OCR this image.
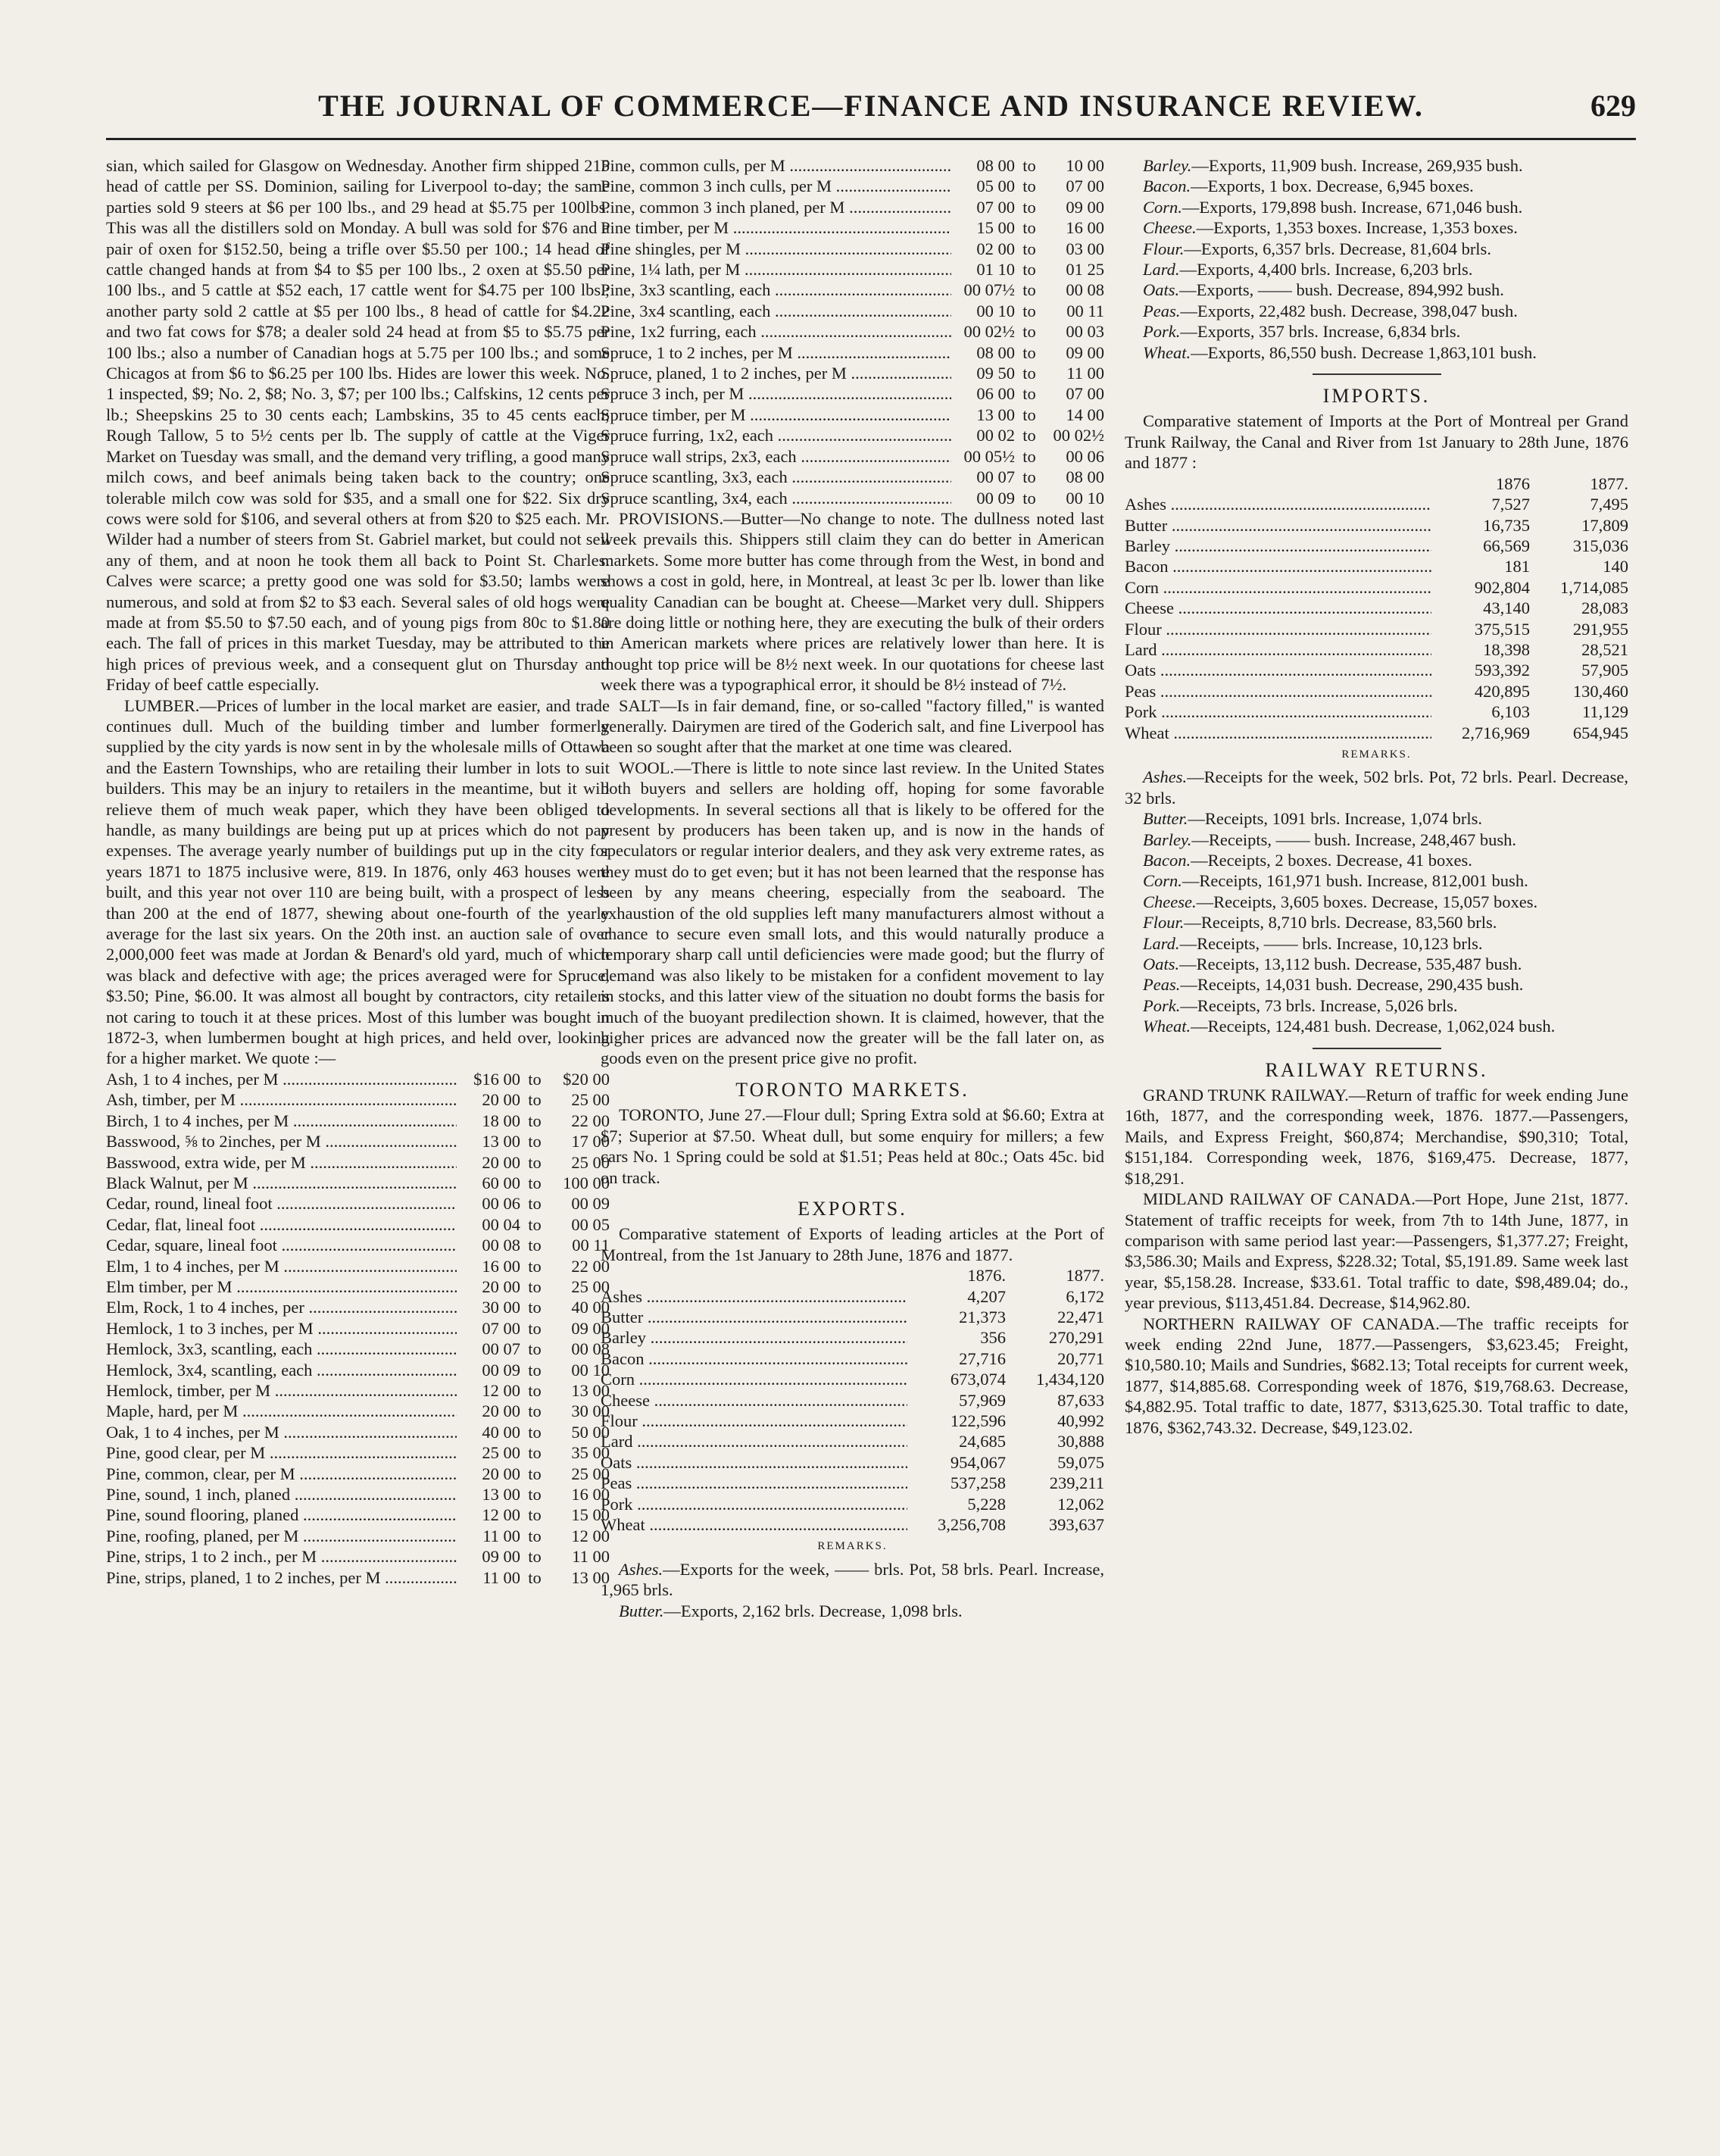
THE JOURNAL OF COMMERCE—FINANCE AND INSURANCE REVIEW.	629

sian, which sailed for Glasgow on Wednesday. Another firm shipped 215 head of cattle per SS. Dominion, sailing for Liverpool to-day; the same parties sold 9 steers at $6 per 100 lbs., and 29 head at $5.75 per 100lbs. This was all the distillers sold on Monday. A bull was sold for $76 and a pair of oxen for $152.50, being a trifle over $5.50 per 100.; 14 head of cattle changed hands at from $4 to $5 per 100 lbs., 2 oxen at $5.50 per 100 lbs., and 5 cattle at $52 each, 17 cattle went for $4.75 per 100 lbs.; another party sold 2 cattle at $5 per 100 lbs., 8 head of cattle for $4.22 and two fat cows for $78; a dealer sold 24 head at from $5 to $5.75 per 100 lbs.; also a number of Canadian hogs at 5.75 per 100 lbs.; and some Chicagos at from $6 to $6.25 per 100 lbs. Hides are lower this week. No. 1 inspected, $9; No. 2, $8; No. 3, $7; per 100 lbs.; Calfskins, 12 cents per lb.; Sheepskins 25 to 30 cents each; Lambskins, 35 to 45 cents each; Rough Tallow, 5 to 5½ cents per lb. The supply of cattle at the Viger Market on Tuesday was small, and the demand very trifling, a good many milch cows, and beef animals being taken back to the country; one tolerable milch cow was sold for $35, and a small one for $22. Six dry cows were sold for $106, and several others at from $20 to $25 each. Mr. Wilder had a number of steers from St. Gabriel market, but could not sell any of them, and at noon he took them all back to Point St. Charles. Calves were scarce; a pretty good one was sold for $3.50; lambs were numerous, and sold at from $2 to $3 each. Several sales of old hogs were made at from $5.50 to $7.50 each, and of young pigs from 80c to $1.80 each. The fall of prices in this market Tuesday, may be attributed to the high prices of previous week, and a consequent glut on Thursday and Friday of beef cattle especially.

LUMBER.—Prices of lumber in the local market are easier, and trade continues dull. Much of the building timber and lumber formerly supplied by the city yards is now sent in by the wholesale mills of Ottawa and the Eastern Townships, who are retailing their lumber in lots to suit builders. This may be an injury to retailers in the meantime, but it will relieve them of much weak paper, which they have been obliged to handle, as many buildings are being put up at prices which do not pay expenses. The average yearly number of buildings put up in the city for years 1871 to 1875 inclusive were, 819. In 1876, only 463 houses were built, and this year not over 110 are being built, with a prospect of less than 200 at the end of 1877, shewing about one-fourth of the yearly average for the last six years. On the 20th inst. an auction sale of over 2,000,000 feet was made at Jordan & Benard's old yard, much of which was black and defective with age; the prices averaged were for Spruce, $3.50; Pine, $6.00. It was almost all bought by contractors, city retailers not caring to touch it at these prices. Most of this lumber was bought in 1872-3, when lumbermen bought at high prices, and held over, looking for a higher market. We quote :—

Ash, 1 to 4 inches, per M .....	$16 00 to	$20 00
Ash, timber, per M .....	20 00 to	25 00
Birch, 1 to 4 inches, per M .....	18 00 to	22 00
Basswood, ⅝ to 2inches, per M .....	13 00 to	17 00
Basswood, extra wide, per M .....	20 00 to	25 00
Black Walnut, per M .....	60 00 to	100 00
Cedar, round, lineal foot .....	00 06 to	00 09
Cedar, flat, lineal foot .....	00 04 to	00 05
Cedar, square, lineal foot .....	00 08 to	00 11
Elm, 1 to 4 inches, per M .....	16 00 to	22 00
Elm timber, per M .....	20 00 to	25 00
Elm, Rock, 1 to 4 inches, per .....	30 00 to	40 00
Hemlock, 1 to 3 inches, per M .....	07 00 to	09 00
Hemlock, 3x3, scantling, each .....	00 07 to	00 08
Hemlock, 3x4, scantling, each .....	00 09 to	00 10
Hemlock, timber, per M .....	12 00 to	13 00
Maple, hard, per M .....	20 00 to	30 00
Oak, 1 to 4 inches, per M .....	40 00 to	50 00
Pine, good clear, per M .....	25 00 to	35 00
Pine, common, clear, per M .....	20 00 to	25 00
Pine, sound, 1 inch, planed .....	13 00 to	16 00
Pine, sound flooring, planed .....	12 00 to	15 00
Pine, roofing, planed, per M .....	11 00 to	12 00
Pine, strips, 1 to 2 inch., per M .....	09 00 to	11 00
Pine, strips, planed, 1 to 2 inches, per M .....	11 00 to	13 00
Pine, common culls, per M .....	08 00 to	10 00
Pine, common 3 inch culls, per M .....	05 00 to	07 00
Pine, common 3 inch planed, per M .....	07 00 to	09 00
Pine timber, per M .....	15 00 to	16 00
Pine shingles, per M .....	02 00 to	03 00
Pine, 1¼ lath, per M .....	01 10 to	01 25
Pine, 3x3 scantling, each .....	00 07½ to	00 08
Pine, 3x4 scantling, each .....	00 10 to	00 11
Pine, 1x2 furring, each .....	00 02½ to	00 03
Spruce, 1 to 2 inches, per M .....	08 00 to	09 00
Spruce, planed, 1 to 2 inches, per M .....	09 50 to	11 00
Spruce 3 inch, per M .....	06 00 to	07 00
Spruce timber, per M .....	13 00 to	14 00
Spruce furring, 1x2, each .....	00 02 to	00 02½
Spruce wall strips, 2x3, each .....	00 05½ to	00 06
Spruce scantling, 3x3, each .....	00 07 to	08 00
Spruce scantling, 3x4, each .....	00 09 to	00 10

PROVISIONS.—Butter—No change to note. The dullness noted last week prevails this. Shippers still claim they can do better in American markets. Some more butter has come through from the West, in bond and shows a cost in gold, here, in Montreal, at least 3c per lb. lower than like quality Canadian can be bought at. Cheese—Market very dull. Shippers are doing little or nothing here, they are executing the bulk of their orders in American markets where prices are relatively lower than here. It is thought top price will be 8½ next week. In our quotations for cheese last week there was a typographical error, it should be 8½ instead of 7½.

SALT—Is in fair demand, fine, or so-called "factory filled," is wanted generally. Dairymen are tired of the Goderich salt, and fine Liverpool has been so sought after that the market at one time was cleared.

WOOL.—There is little to note since last review. In the United States both buyers and sellers are holding off, hoping for some favorable developments. In several sections all that is likely to be offered for the present by producers has been taken up, and is now in the hands of speculators or regular interior dealers, and they ask very extreme rates, as they must do to get even; but it has not been learned that the response has been by any means cheering, especially from the seaboard. The exhaustion of the old supplies left many manufacturers almost without a chance to secure even small lots, and this would naturally produce a temporary sharp call until deficiencies were made good; but the flurry of demand was also likely to be mistaken for a confident movement to lay in stocks, and this latter view of the situation no doubt forms the basis for much of the buoyant predilection shown. It is claimed, however, that the higher prices are advanced now the greater will be the fall later on, as goods even on the present price give no profit.

TORONTO MARKETS.

TORONTO, June 27.—Flour dull; Spring Extra sold at $6.60; Extra at $7; Superior at $7.50. Wheat dull, but some enquiry for millers; a few cars No. 1 Spring could be sold at $1.51; Peas held at 80c.; Oats 45c. bid on track.

EXPORTS.

Comparative statement of Exports of leading articles at the Port of Montreal, from the 1st January to 28th June, 1876 and 1877.

1876.	1877.
Ashes .....	4,207	6,172
Butter .....	21,373	22,471
Barley .....	356	270,291
Bacon .....	27,716	20,771
Corn .....	673,074	1,434,120
Cheese .....	57,969	87,633
Flour .....	122,596	40,992
Lard .....	24,685	30,888
Oats .....	954,067	59,075
Peas .....	537,258	239,211
Pork .....	5,228	12,062
Wheat .....	3,256,708	393,637
REMARKS.

Ashes.—Exports for the week, —— brls. Pot, 58 brls. Pearl. Increase, 1,965 brls.

Butter.—Exports, 2,162 brls. Decrease, 1,098 brls.

Barley.—Exports, 11,909 bush. Increase, 269,935 bush.

Bacon.—Exports, 1 box. Decrease, 6,945 boxes.

Corn.—Exports, 179,898 bush. Increase, 671,046 bush.

Cheese.—Exports, 1,353 boxes. Increase, 1,353 boxes.

Flour.—Exports, 6,357 brls. Decrease, 81,604 brls.

Lard.—Exports, 4,400 brls. Increase, 6,203 brls.

Oats.—Exports, —— bush. Decrease, 894,992 bush.

Peas.—Exports, 22,482 bush. Decrease, 398,047 bush.

Pork.—Exports, 357 brls. Increase, 6,834 brls.

Wheat.—Exports, 86,550 bush. Decrease 1,863,101 bush.

IMPORTS.

Comparative statement of Imports at the Port of Montreal per Grand Trunk Railway, the Canal and River from 1st January to 28th June, 1876 and 1877 :

1876	1877.
Ashes .....	7,527	7,495
Butter .....	16,735	17,809
Barley .....	66,569	315,036
Bacon .....	181	140
Corn .....	902,804	1,714,085
Cheese .....	43,140	28,083
Flour .....	375,515	291,955
Lard .....	18,398	28,521
Oats .....	593,392	57,905
Peas .....	420,895	130,460
Pork .....	6,103	11,129
Wheat .....	2,716,969	654,945
REMARKS.

Ashes.—Receipts for the week, 502 brls. Pot, 72 brls. Pearl. Decrease, 32 brls.

Butter.—Receipts, 1091 brls. Increase, 1,074 brls.

Barley.—Receipts, —— bush. Increase, 248,467 bush.

Bacon.—Receipts, 2 boxes. Decrease, 41 boxes.

Corn.—Receipts, 161,971 bush. Increase, 812,001 bush.

Cheese.—Receipts, 3,605 boxes. Decrease, 15,057 boxes.

Flour.—Receipts, 8,710 brls. Decrease, 83,560 brls.

Lard.—Receipts, —— brls. Increase, 10,123 brls.

Oats.—Receipts, 13,112 bush. Decrease, 535,487 bush.

Peas.—Receipts, 14,031 bush. Decrease, 290,435 bush.

Pork.—Receipts, 73 brls. Increase, 5,026 brls.

Wheat.—Receipts, 124,481 bush. Decrease, 1,062,024 bush.

RAILWAY RETURNS.

GRAND TRUNK RAILWAY.—Return of traffic for week ending June 16th, 1877, and the corresponding week, 1876. 1877.—Passengers, Mails, and Express Freight, $60,874; Merchandise, $90,310; Total, $151,184. Corresponding week, 1876, $169,475. Decrease, 1877, $18,291.

MIDLAND RAILWAY OF CANADA.—Port Hope, June 21st, 1877. Statement of traffic receipts for week, from 7th to 14th June, 1877, in comparison with same period last year:—Passengers, $1,377.27; Freight, $3,586.30; Mails and Express, $228.32; Total, $5,191.89. Same week last year, $5,158.28. Increase, $33.61. Total traffic to date, $98,489.04; do., year previous, $113,451.84. Decrease, $14,962.80.

NORTHERN RAILWAY OF CANADA.—The traffic receipts for week ending 22nd June, 1877.—Passengers, $3,623.45; Freight, $10,580.10; Mails and Sundries, $682.13; Total receipts for current week, 1877, $14,885.68. Corresponding week of 1876, $19,768.63. Decrease, $4,882.95. Total traffic to date, 1877, $313,625.30. Total traffic to date, 1876, $362,743.32. Decrease, $49,123.02.
